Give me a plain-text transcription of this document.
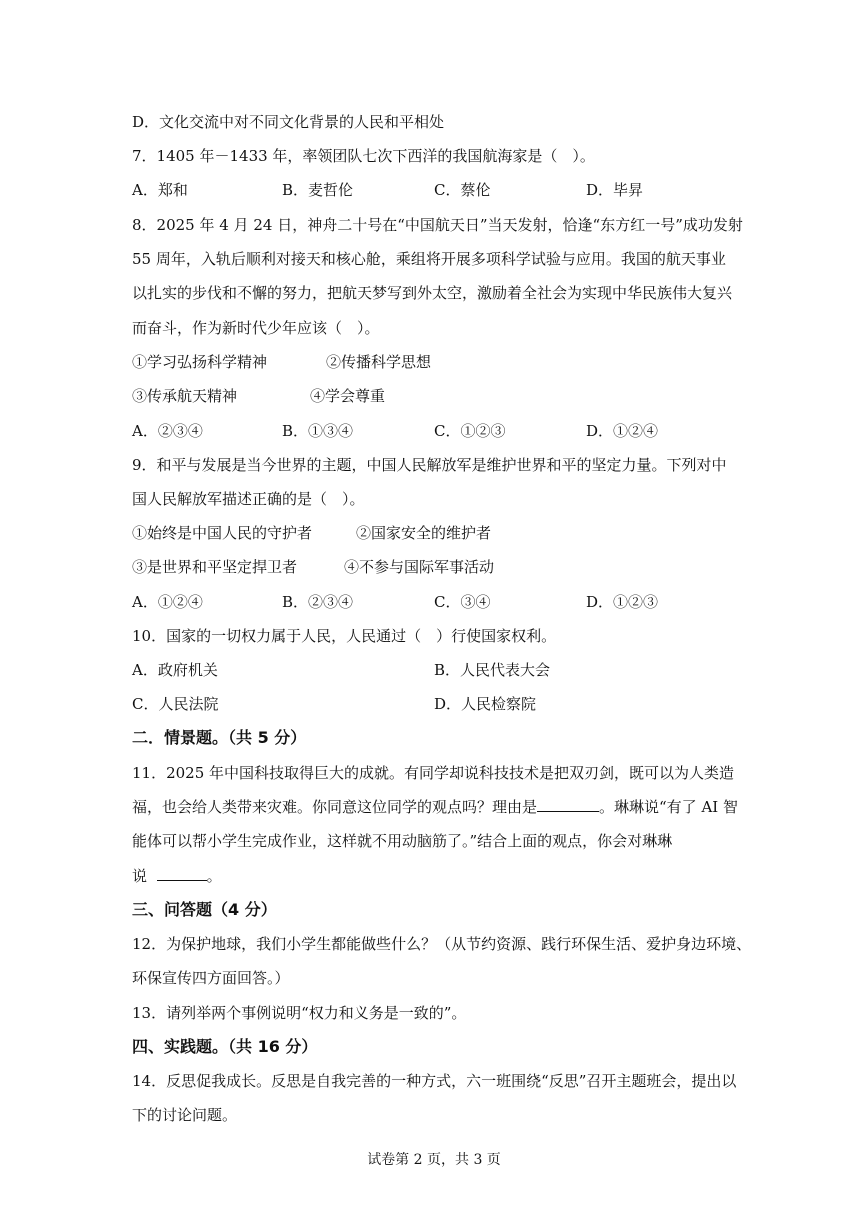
D．文化交流中对不同文化背景的人民和平相处
7．1405 年－1433 年，率领团队七次下西洋的我国航海家是（　）。
A．郑和	B．麦哲伦	C．蔡伦	D．毕昇
8．2025 年 4 月 24 日，神舟二十号在“中国航天日”当天发射，恰逢“东方红一号”成功发射
55 周年，入轨后顺利对接天和核心舱，乘组将开展多项科学试验与应用。我国的航天事业
以扎实的步伐和不懈的努力，把航天梦写到外太空，激励着全社会为实现中华民族伟大复兴
而奋斗，作为新时代少年应该（　）。
①学习弘扬科学精神	②传播科学思想
③传承航天精神	④学会尊重
A．②③④	B．①③④	C．①②③	D．①②④
9．和平与发展是当今世界的主题，中国人民解放军是维护世界和平的坚定力量。下列对中
国人民解放军描述正确的是（　）。
①始终是中国人民的守护者	②国家安全的维护者
③是世界和平坚定捍卫者	④不参与国际军事活动
A．①②④	B．②③④	C．③④	D．①②③
10．国家的一切权力属于人民，人民通过（　）行使国家权利。
A．政府机关	B．人民代表大会
C．人民法院	D．人民检察院
二．情景题。（共 5 分）
11．2025 年中国科技取得巨大的成就。有同学却说科技技术是把双刃剑，既可以为人类造
福，也会给人类带来灾难。你同意这位同学的观点吗？理由是	。琳琳说“有了 AI 智
能体可以帮小学生完成作业，这样就不用动脑筋了。”结合上面的观点，你会对琳琳
说	。
三、问答题（4 分）
12．为保护地球，我们小学生都能做些什么？（从节约资源、践行环保生活、爱护身边环境、
环保宣传四方面回答。）
13．请列举两个事例说明“权力和义务是一致的”。
四、实践题。（共 16 分）
14．反思促我成长。反思是自我完善的一种方式，六一班围绕“反思”召开主题班会，提出以
下的讨论问题。
试卷第 2 页，共 3 页
